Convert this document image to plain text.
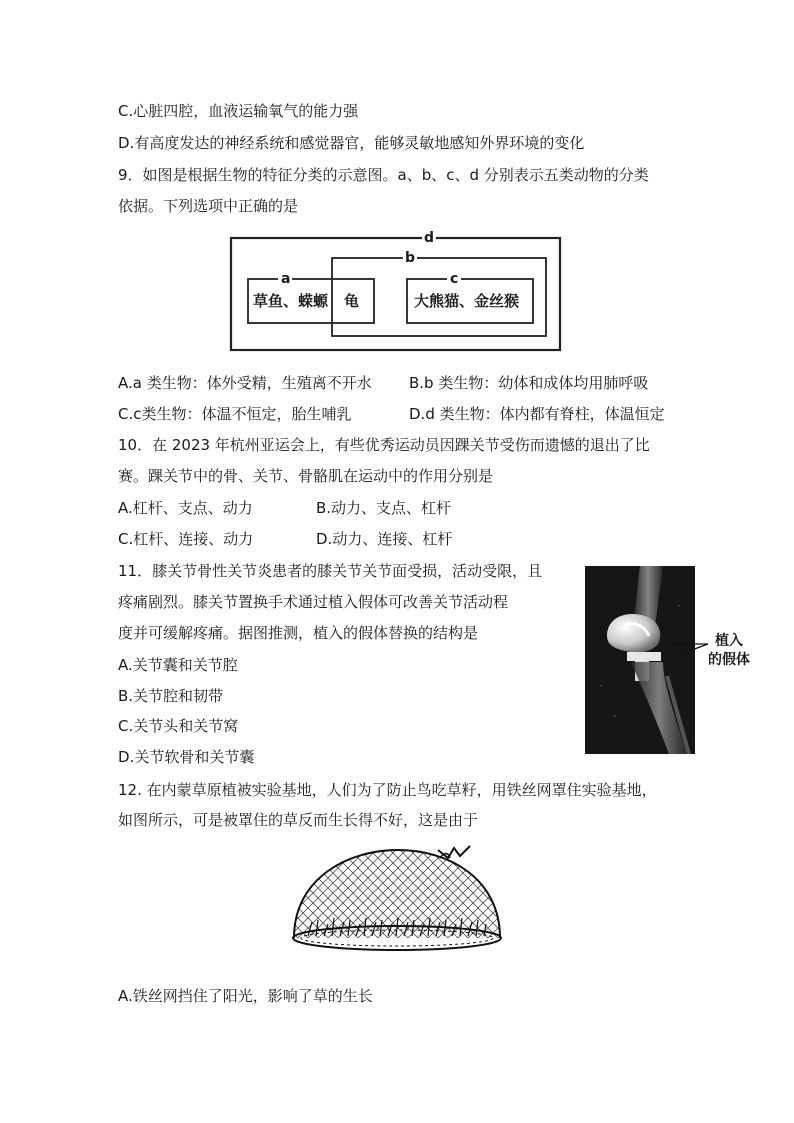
C.心脏四腔，血液运输氧气的能力强
D.有高度发达的神经系统和感觉器官，能够灵敏地感知外界环境的变化
9．如图是根据生物的特征分类的示意图。a、b、c、d 分别表示五类动物的分类
依据。下列选项中正确的是
d
b
a	c
草鱼、蝾螈 龟	大熊猫、金丝猴
A.a 类生物：体外受精，生殖离不开水 B.b 类生物：幼体和成体均用肺呼吸
C.c类生物：体温不恒定，胎生哺乳	D.d 类生物：体内都有脊柱，体温恒定
10．在 2023 年杭州亚运会上，有些优秀运动员因踝关节受伤而遗憾的退出了比
赛。踝关节中的骨、关节、骨骼肌在运动中的作用分别是
A.杠杆、支点、动力	B.动力、支点、杠杆
C.杠杆、连接、动力	D.动力、连接、杠杆
11．膝关节骨性关节炎患者的膝关节关节面受损，活动受限，且
疼痛剧烈。膝关节置换手术通过植入假体可改善关节活动程
度并可缓解疼痛。据图推测，植入的假体替换的结构是
A.关节囊和关节腔
B.关节腔和韧带
C.关节头和关节窝
D.关节软骨和关节囊
植入
的假体
12. 在内蒙草原植被实验基地，人们为了防止鸟吃草籽，用铁丝网罩住实验基地，
如图所示，可是被罩住的草反而生长得不好，这是由于
A.铁丝网挡住了阳光，影响了草的生长
